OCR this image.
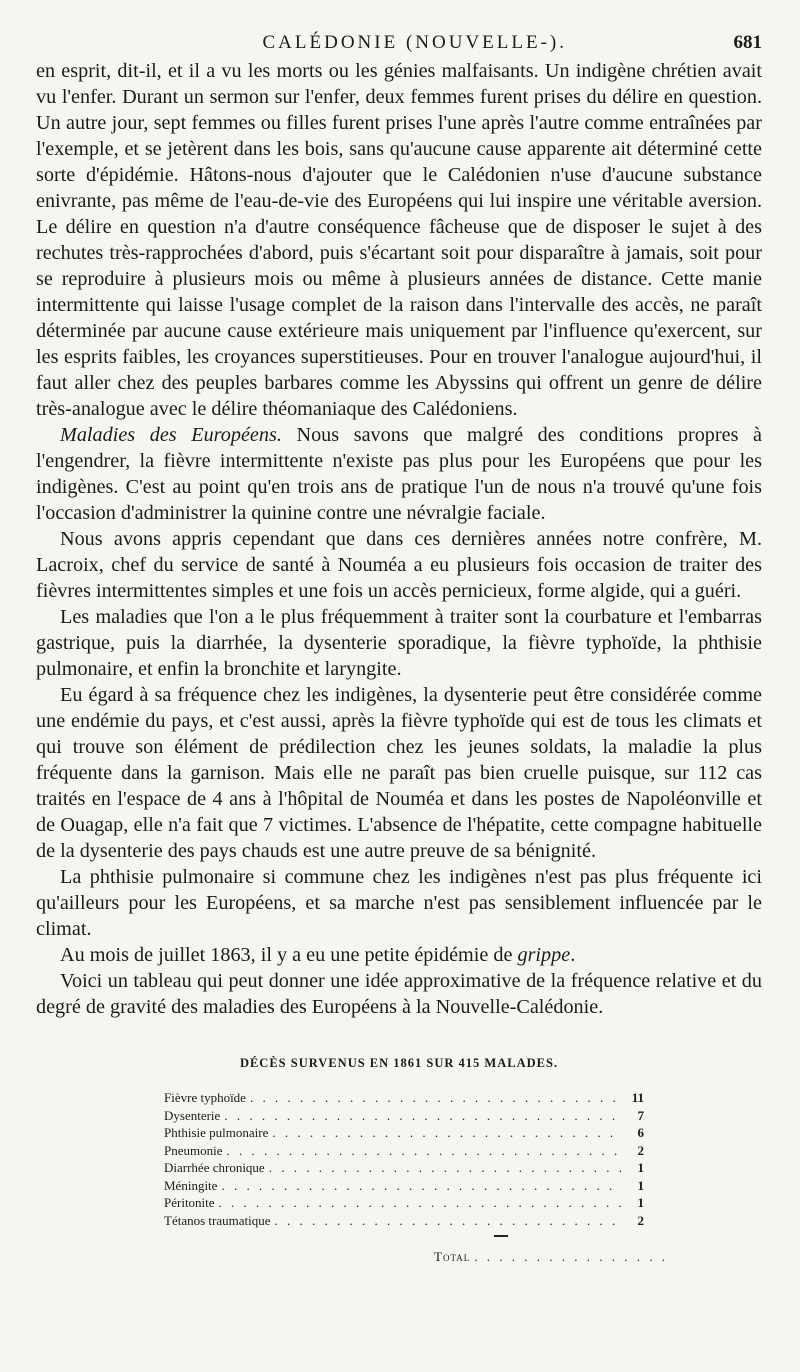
CALÉDONIE (NOUVELLE-).	681

en esprit, dit-il, et il a vu les morts ou les génies malfaisants. Un indigène chrétien avait vu l'enfer. Durant un sermon sur l'enfer, deux femmes furent prises du délire en question. Un autre jour, sept femmes ou filles furent prises l'une après l'autre comme entraînées par l'exemple, et se jetèrent dans les bois, sans qu'aucune cause apparente ait déterminé cette sorte d'épidémie. Hâtons-nous d'ajouter que le Calédonien n'use d'aucune substance enivrante, pas même de l'eau-de-vie des Européens qui lui inspire une véritable aversion. Le délire en question n'a d'autre conséquence fâcheuse que de disposer le sujet à des rechutes très-rapprochées d'abord, puis s'écartant soit pour disparaître à jamais, soit pour se reproduire à plusieurs mois ou même à plusieurs années de distance. Cette manie intermittente qui laisse l'usage complet de la raison dans l'intervalle des accès, ne paraît déterminée par aucune cause extérieure mais uniquement par l'influence qu'exercent, sur les esprits faibles, les croyances superstitieuses. Pour en trouver l'analogue aujourd'hui, il faut aller chez des peuples barbares comme les Abyssins qui offrent un genre de délire très-analogue avec le délire théomaniaque des Calédoniens.

Maladies des Européens. Nous savons que malgré des conditions propres à l'engendrer, la fièvre intermittente n'existe pas plus pour les Européens que pour les indigènes. C'est au point qu'en trois ans de pratique l'un de nous n'a trouvé qu'une fois l'occasion d'administrer la quinine contre une névralgie faciale.

Nous avons appris cependant que dans ces dernières années notre confrère, M. Lacroix, chef du service de santé à Nouméa a eu plusieurs fois occasion de traiter des fièvres intermittentes simples et une fois un accès pernicieux, forme algide, qui a guéri.

Les maladies que l'on a le plus fréquemment à traiter sont la courbature et l'embarras gastrique, puis la diarrhée, la dysenterie sporadique, la fièvre typhoïde, la phthisie pulmonaire, et enfin la bronchite et laryngite.

Eu égard à sa fréquence chez les indigènes, la dysenterie peut être considérée comme une endémie du pays, et c'est aussi, après la fièvre typhoïde qui est de tous les climats et qui trouve son élément de prédilection chez les jeunes soldats, la maladie la plus fréquente dans la garnison. Mais elle ne paraît pas bien cruelle puisque, sur 112 cas traités en l'espace de 4 ans à l'hôpital de Nouméa et dans les postes de Napoléonville et de Ouagap, elle n'a fait que 7 victimes. L'absence de l'hépatite, cette compagne habituelle de la dysenterie des pays chauds est une autre preuve de sa bénignité.

La phthisie pulmonaire si commune chez les indigènes n'est pas plus fréquente ici qu'ailleurs pour les Européens, et sa marche n'est pas sensiblement influencée par le climat.

Au mois de juillet 1863, il y a eu une petite épidémie de grippe.

Voici un tableau qui peut donner une idée approximative de la fréquence relative et du degré de gravité des maladies des Européens à la Nouvelle-Calédonie.

DÉCÈS SURVENUS EN 1861 SUR 415 MALADES.

Fièvre typhoïde . . .	11
Dysenterie . . .	7
Phthisie pulmonaire . . .	6
Pneumonie . . .	2
Diarrhée chronique . . .	1
Méningite . . .	1
Péritonite . . .	1
Tétanos traumatique . . .	2
Total
. . .
